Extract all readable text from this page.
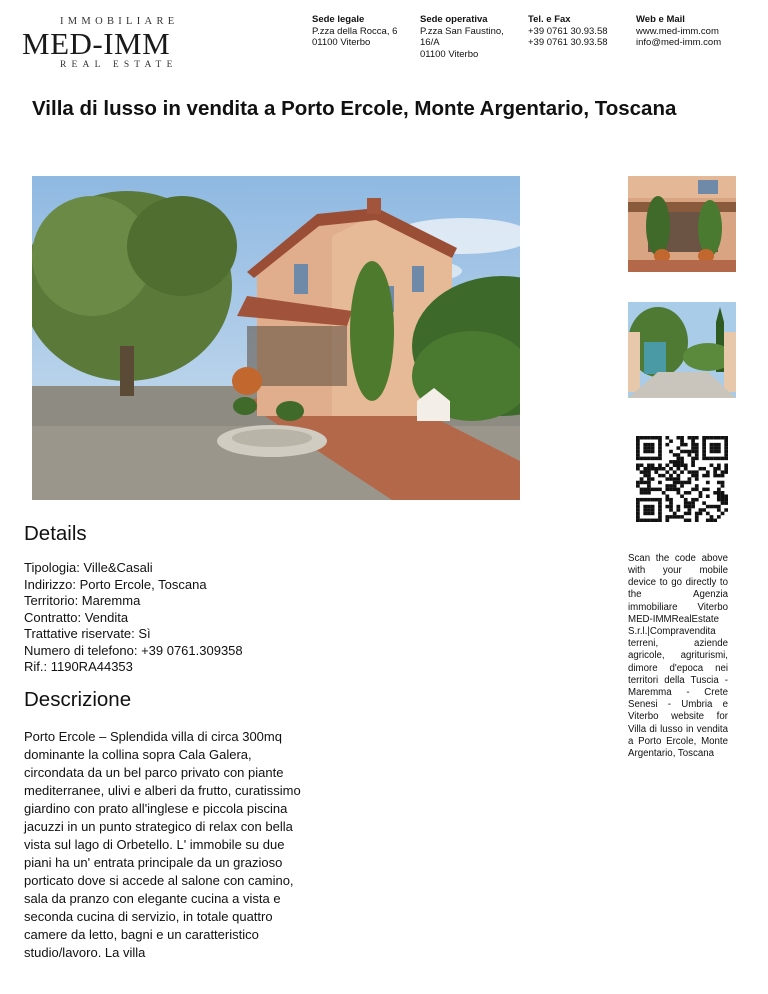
IMMOBILIARE
MED-IMM
REAL ESTATE
Sede legale
P.zza della Rocca, 6
01100 Viterbo
Sede operativa
P.zza San Faustino,
16/A
01100 Viterbo
Tel. e Fax
+39 0761 30.93.58
+39 0761 30.93.58
Web e Mail
www.med-imm.com
info@med-imm.com
Villa di lusso in vendita a Porto Ercole, Monte Argentario, Toscana

Scan the code above with your mobile device to go directly to the Agenzia immobiliare Viterbo MED-IMMRealEstate S.r.l.|Compravendita terreni, aziende agricole, agriturismi, dimore d'epoca nei territori della Tuscia - Maremma - Crete Senesi - Umbria e Viterbo website for Villa di lusso in vendita a Porto Ercole, Monte Argentario, Toscana

Details
Tipologia: Ville&Casali
Indirizzo: Porto Ercole, Toscana
Territorio: Maremma
Contratto: Vendita
Trattative riservate: Sì
Numero di telefono: +39 0761.309358
Rif.: 1190RA44353
Descrizione

Porto Ercole – Splendida villa di circa 300mq dominante la collina sopra Cala Galera, circondata da un bel parco privato con piante mediterranee, ulivi e alberi da frutto, curatissimo giardino con prato all'inglese e piccola piscina jacuzzi in un punto strategico di relax con bella vista sul lago di Orbetello. L' immobile su due piani ha un' entrata principale da un grazioso porticato dove si accede al salone con camino, sala da pranzo con elegante cucina a vista e seconda cucina di servizio, in totale quattro camere da letto, bagni e un caratteristico studio/lavoro. La villa
